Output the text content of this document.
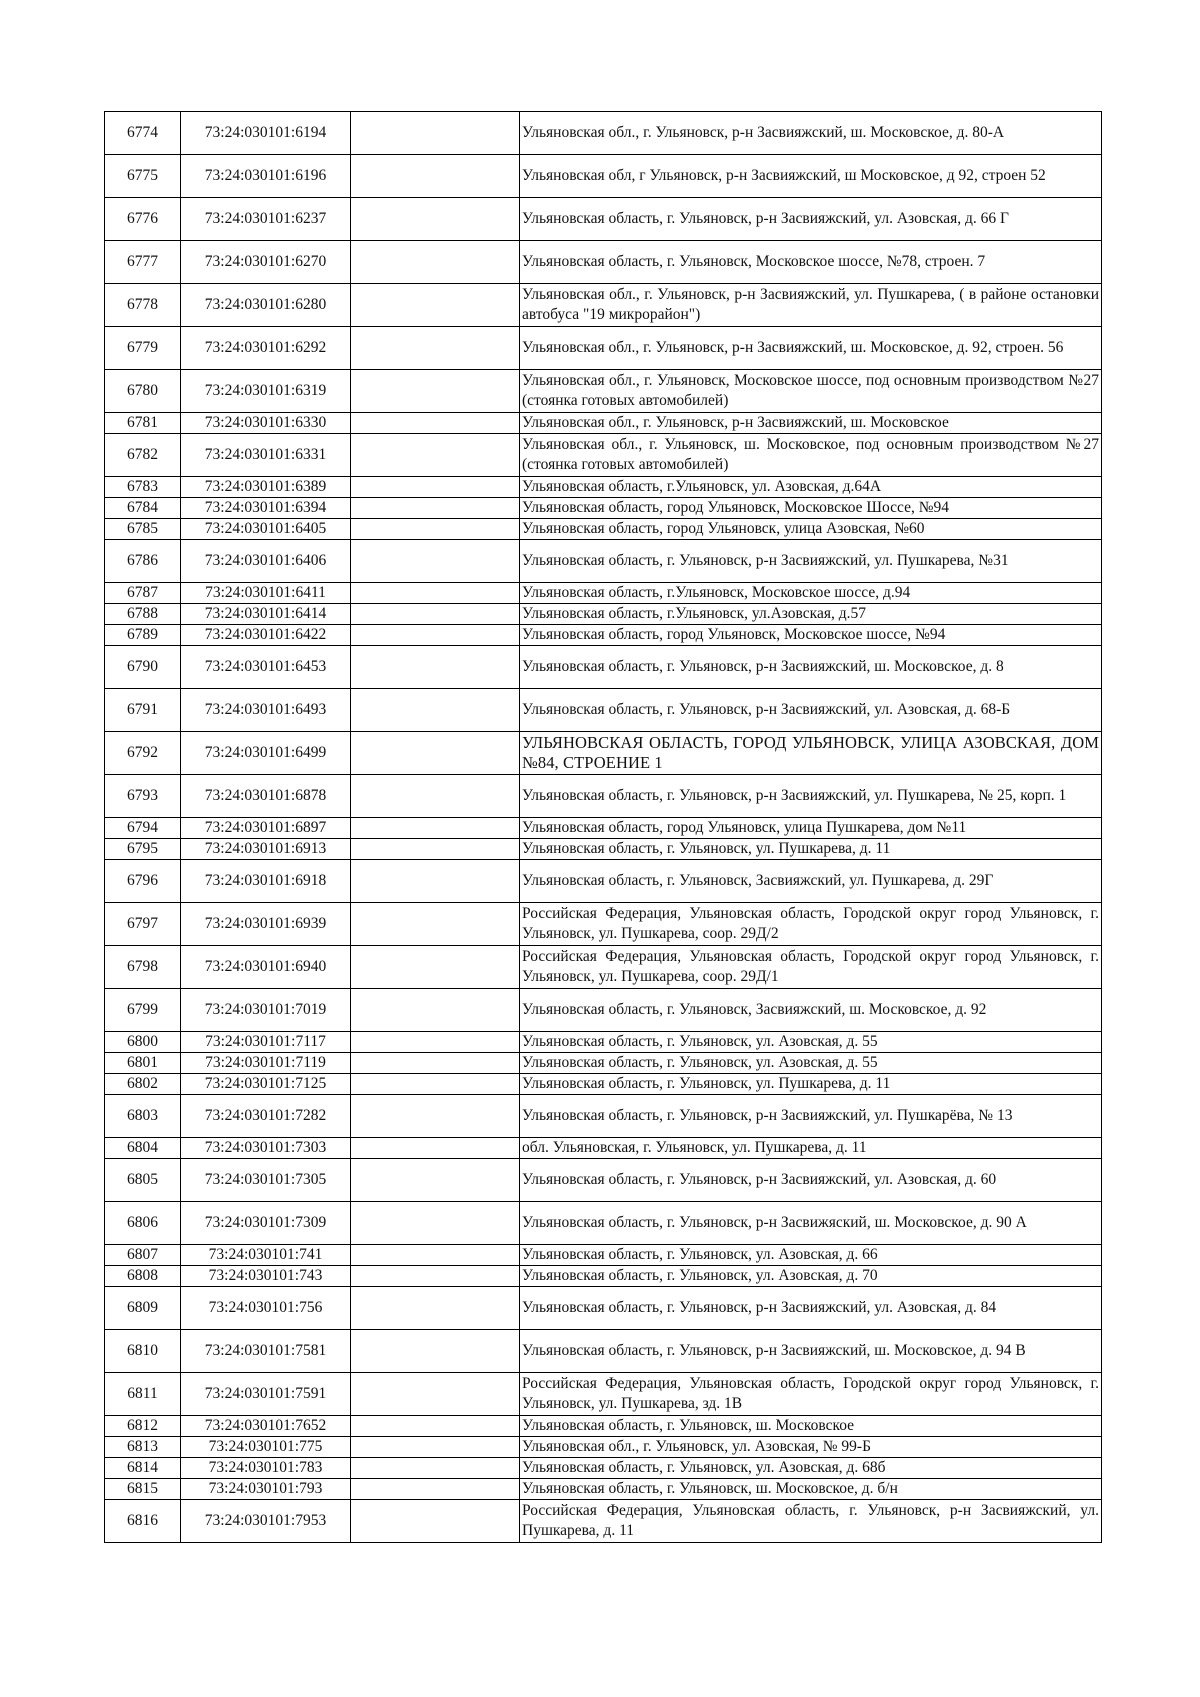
6774	73:24:030101:6194		Ульяновская обл., г. Ульяновск, р-н Засвияжский, ш. Московское, д. 80-А
6775	73:24:030101:6196		Ульяновская обл, г Ульяновск, р-н Засвияжский, ш Московское, д 92, строен 52
6776	73:24:030101:6237		Ульяновская область, г. Ульяновск, р-н Засвияжский, ул. Азовская, д. 66 Г
6777	73:24:030101:6270		Ульяновская область, г. Ульяновск, Московское шоссе, №78, строен. 7
6778	73:24:030101:6280		Ульяновская обл., г. Ульяновск, р-н Засвияжский, ул. Пушкарева, ( в районе остановки автобуса "19 микрорайон")
6779	73:24:030101:6292		Ульяновская обл., г. Ульяновск, р-н Засвияжский, ш. Московское, д. 92, строен. 56
6780	73:24:030101:6319		Ульяновская обл., г. Ульяновск, Московское шоссе, под основным производством №27 (стоянка готовых автомобилей)
6781	73:24:030101:6330		Ульяновская обл., г. Ульяновск, р-н Засвияжский, ш. Московское
6782	73:24:030101:6331		Ульяновская обл., г. Ульяновск, ш. Московское, под основным производством №27 (стоянка готовых автомобилей)
6783	73:24:030101:6389		Ульяновская область, г.Ульяновск, ул. Азовская, д.64А
6784	73:24:030101:6394		Ульяновская область, город Ульяновск, Московское Шоссе, №94
6785	73:24:030101:6405		Ульяновская область, город Ульяновск, улица Азовская, №60
6786	73:24:030101:6406		Ульяновская область, г. Ульяновск, р-н Засвияжский, ул. Пушкарева, №31
6787	73:24:030101:6411		Ульяновская область, г.Ульяновск, Московское шоссе, д.94
6788	73:24:030101:6414		Ульяновская область, г.Ульяновск, ул.Азовская, д.57
6789	73:24:030101:6422		Ульяновская область, город Ульяновск, Московское шоссе, №94
6790	73:24:030101:6453		Ульяновская область, г. Ульяновск, р-н Засвияжский, ш. Московское, д. 8
6791	73:24:030101:6493		Ульяновская область, г. Ульяновск, р-н Засвияжский, ул. Азовская, д. 68-Б
6792	73:24:030101:6499		УЛЬЯНОВСКАЯ ОБЛАСТЬ, ГОРОД УЛЬЯНОВСК, УЛИЦА АЗОВСКАЯ, ДОМ №84, СТРОЕНИЕ 1
6793	73:24:030101:6878		Ульяновская область, г. Ульяновск, р-н Засвияжский, ул. Пушкарева, № 25, корп. 1
6794	73:24:030101:6897		Ульяновская область, город Ульяновск, улица Пушкарева, дом №11
6795	73:24:030101:6913		Ульяновская область, г. Ульяновск, ул. Пушкарева, д. 11
6796	73:24:030101:6918		Ульяновская область, г. Ульяновск, Засвияжский, ул. Пушкарева, д. 29Г
6797	73:24:030101:6939		Российская Федерация, Ульяновская область, Городской округ город Ульяновск, г. Ульяновск, ул. Пушкарева, соор. 29Д/2
6798	73:24:030101:6940		Российская Федерация, Ульяновская область, Городской округ город Ульяновск, г. Ульяновск, ул. Пушкарева, соор. 29Д/1
6799	73:24:030101:7019		Ульяновская область, г. Ульяновск, Засвияжский, ш. Московское, д. 92
6800	73:24:030101:7117		Ульяновская область, г. Ульяновск, ул. Азовская, д. 55
6801	73:24:030101:7119		Ульяновская область, г. Ульяновск, ул. Азовская, д. 55
6802	73:24:030101:7125		Ульяновская область, г. Ульяновск, ул. Пушкарева, д. 11
6803	73:24:030101:7282		Ульяновская область, г. Ульяновск, р-н Засвияжский, ул. Пушкарёва, № 13
6804	73:24:030101:7303		обл. Ульяновская, г. Ульяновск, ул. Пушкарева, д. 11
6805	73:24:030101:7305		Ульяновская область, г. Ульяновск, р-н Засвияжский, ул. Азовская, д. 60
6806	73:24:030101:7309		Ульяновская область, г. Ульяновск, р-н Засвижяский, ш. Московское, д. 90 А
6807	73:24:030101:741		Ульяновская область, г. Ульяновск, ул. Азовская, д. 66
6808	73:24:030101:743		Ульяновская область, г. Ульяновск, ул. Азовская, д. 70
6809	73:24:030101:756		Ульяновская область, г. Ульяновск, р-н Засвияжский, ул. Азовская, д. 84
6810	73:24:030101:7581		Ульяновская область, г. Ульяновск, р-н Засвияжский, ш. Московское, д. 94 В
6811	73:24:030101:7591		Российская Федерация, Ульяновская область, Городской округ город Ульяновск, г. Ульяновск, ул. Пушкарева, зд. 1В
6812	73:24:030101:7652		Ульяновская область, г. Ульяновск, ш. Московское
6813	73:24:030101:775		Ульяновская обл., г. Ульяновск, ул. Азовская, № 99-Б
6814	73:24:030101:783		Ульяновская область, г. Ульяновск, ул. Азовская, д. 68б
6815	73:24:030101:793		Ульяновская область, г. Ульяновск, ш. Московское, д. б/н
6816	73:24:030101:7953		Российская Федерация, Ульяновская область, г. Ульяновск, р-н Засвияжский, ул. Пушкарева, д. 11
